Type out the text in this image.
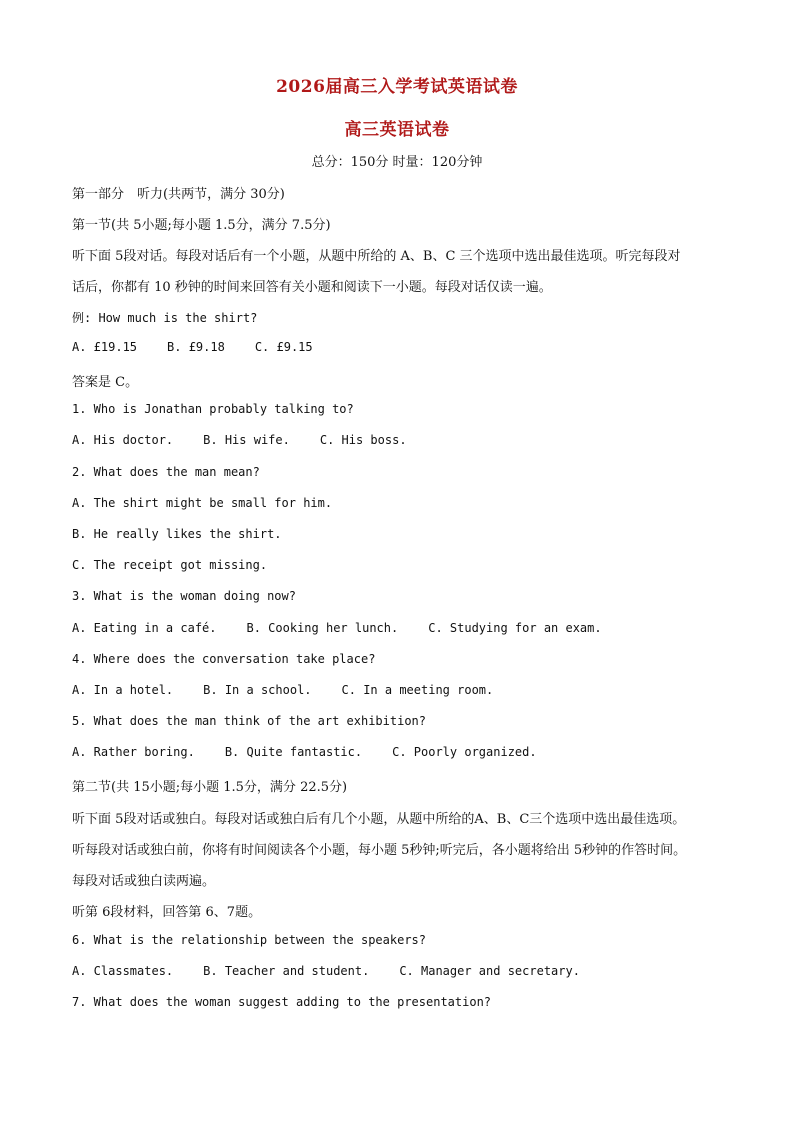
2026届高三入学考试英语试卷
高三英语试卷
总分：150分 时量：120分钟
第一部分　听力(共两节，满分 30分)
第一节(共 5小题;每小题 1.5分，满分 7.5分)
听下面 5段对话。每段对话后有一个小题，从题中所给的 A、B、C 三个选项中选出最佳选项。听完每段对
话后，你都有 10 秒钟的时间来回答有关小题和阅读下一小题。每段对话仅读一遍。
例: How much is the shirt?
A. £19.15	B. £9.18	C. £9.15
答案是 C。
1. Who is Jonathan probably talking to?
A. His doctor.	B. His wife.	C. His boss.
2. What does the man mean?
A. The shirt might be small for him.
B. He really likes the shirt.
C. The receipt got missing.
3. What is the woman doing now?
A. Eating in a café.	B. Cooking her lunch.	C. Studying for an exam.
4. Where does the conversation take place?
A. In a hotel.	B. In a school.	C. In a meeting room.
5. What does the man think of the art exhibition?
A. Rather boring.	B. Quite fantastic.	C. Poorly organized.
第二节(共 15小题;每小题 1.5分，满分 22.5分)
听下面 5段对话或独白。每段对话或独白后有几个小题，从题中所给的A、B、C三个选项中选出最佳选项。
听每段对话或独白前，你将有时间阅读各个小题，每小题 5秒钟;听完后，各小题将给出 5秒钟的作答时间。
每段对话或独白读两遍。
听第 6段材料，回答第 6、7题。
6. What is the relationship between the speakers?
A. Classmates.	B. Teacher and student.	C. Manager and secretary.
7. What does the woman suggest adding to the presentation?
